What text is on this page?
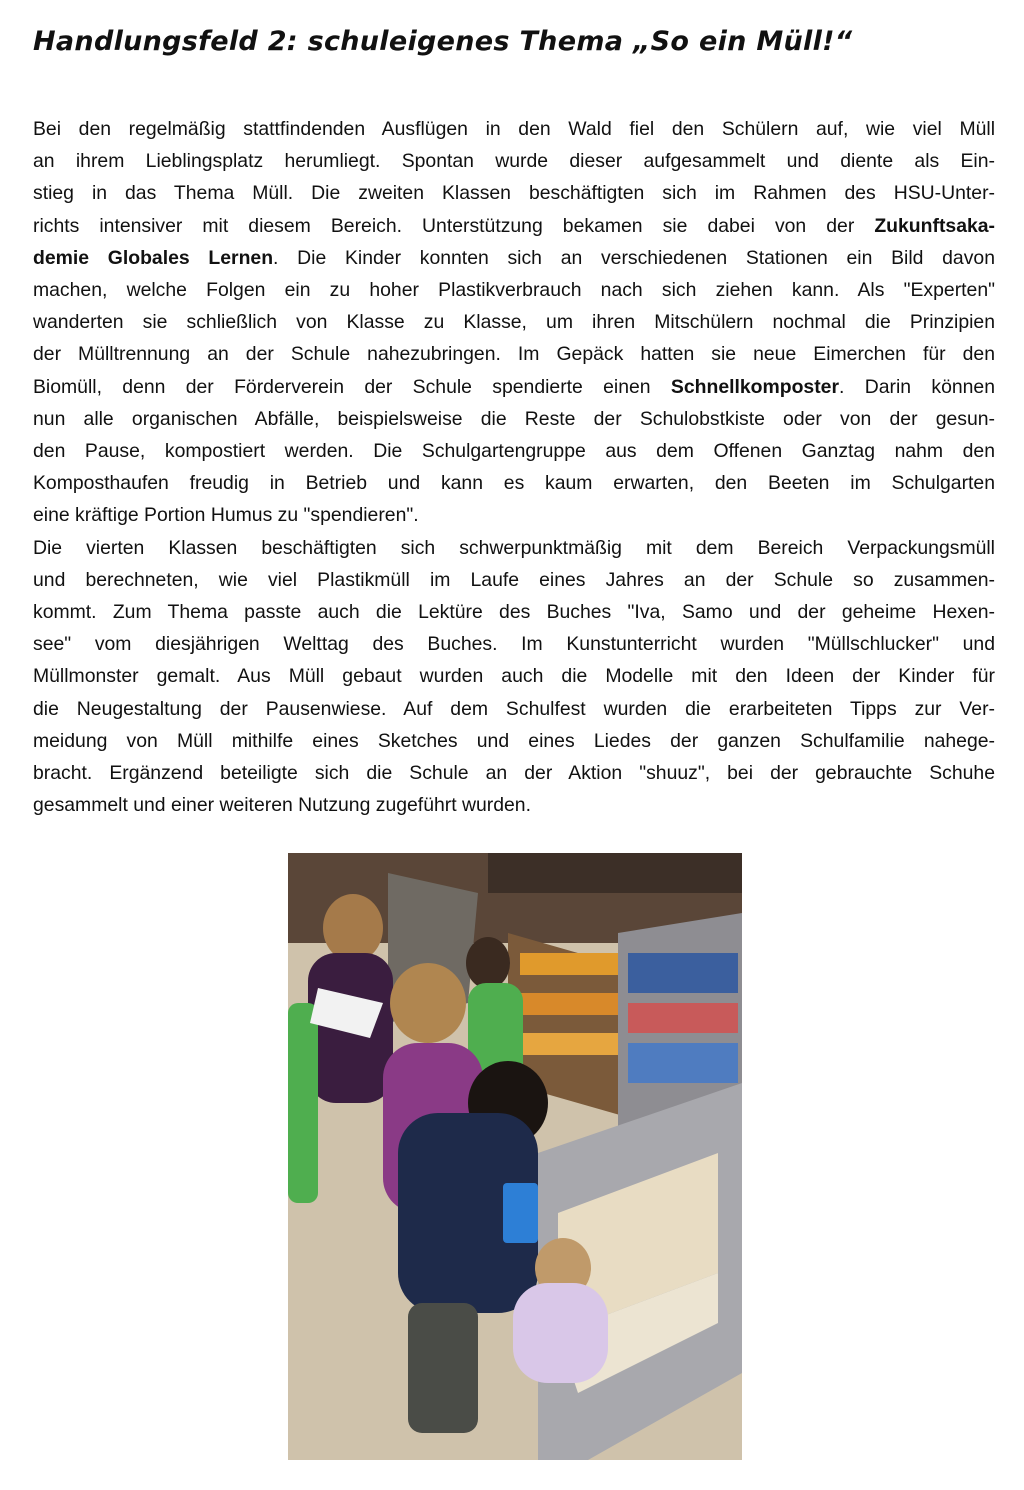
Handlungsfeld 2: schuleigenes Thema „So ein Müll!“
Bei den regelmäßig stattfindenden Ausflügen in den Wald fiel den Schülern auf, wie viel Müll
an ihrem Lieblingsplatz herumliegt. Spontan wurde dieser aufgesammelt und diente als Ein-
stieg in das Thema Müll. Die zweiten Klassen beschäftigten sich im Rahmen des HSU-Unter-
richts intensiver mit diesem Bereich. Unterstützung bekamen sie dabei von der Zukunftsaka-
demie Globales Lernen. Die Kinder konnten sich an verschiedenen Stationen ein Bild davon
machen, welche Folgen ein zu hoher Plastikverbrauch nach sich ziehen kann. Als "Experten"
wanderten sie schließlich von Klasse zu Klasse, um ihren Mitschülern nochmal die Prinzipien
der Mülltrennung an der Schule nahezubringen. Im Gepäck hatten sie neue Eimerchen für den
Biomüll, denn der Förderverein der Schule spendierte einen Schnellkomposter. Darin können
nun alle organischen Abfälle, beispielsweise die Reste der Schulobstkiste oder von der gesun-
den Pause, kompostiert werden. Die Schulgartengruppe aus dem Offenen Ganztag nahm den
Komposthaufen freudig in Betrieb und kann es kaum erwarten, den Beeten im Schulgarten
eine kräftige Portion Humus zu "spendieren".
Die vierten Klassen beschäftigten sich schwerpunktmäßig mit dem Bereich Verpackungsmüll
und berechneten, wie viel Plastikmüll im Laufe eines Jahres an der Schule so zusammen-
kommt. Zum Thema passte auch die Lektüre des Buches "Iva, Samo und der geheime Hexen-
see" vom diesjährigen Welttag des Buches. Im Kunstunterricht wurden "Müllschlucker" und
Müllmonster gemalt. Aus Müll gebaut wurden auch die Modelle mit den Ideen der Kinder für
die Neugestaltung der Pausenwiese. Auf dem Schulfest wurden die erarbeiteten Tipps zur Ver-
meidung von Müll mithilfe eines Sketches und eines Liedes der ganzen Schulfamilie nahege-
bracht. Ergänzend beteiligte sich die Schule an der Aktion "shuuz", bei der gebrauchte Schuhe
gesammelt und einer weiteren Nutzung zugeführt wurden.
